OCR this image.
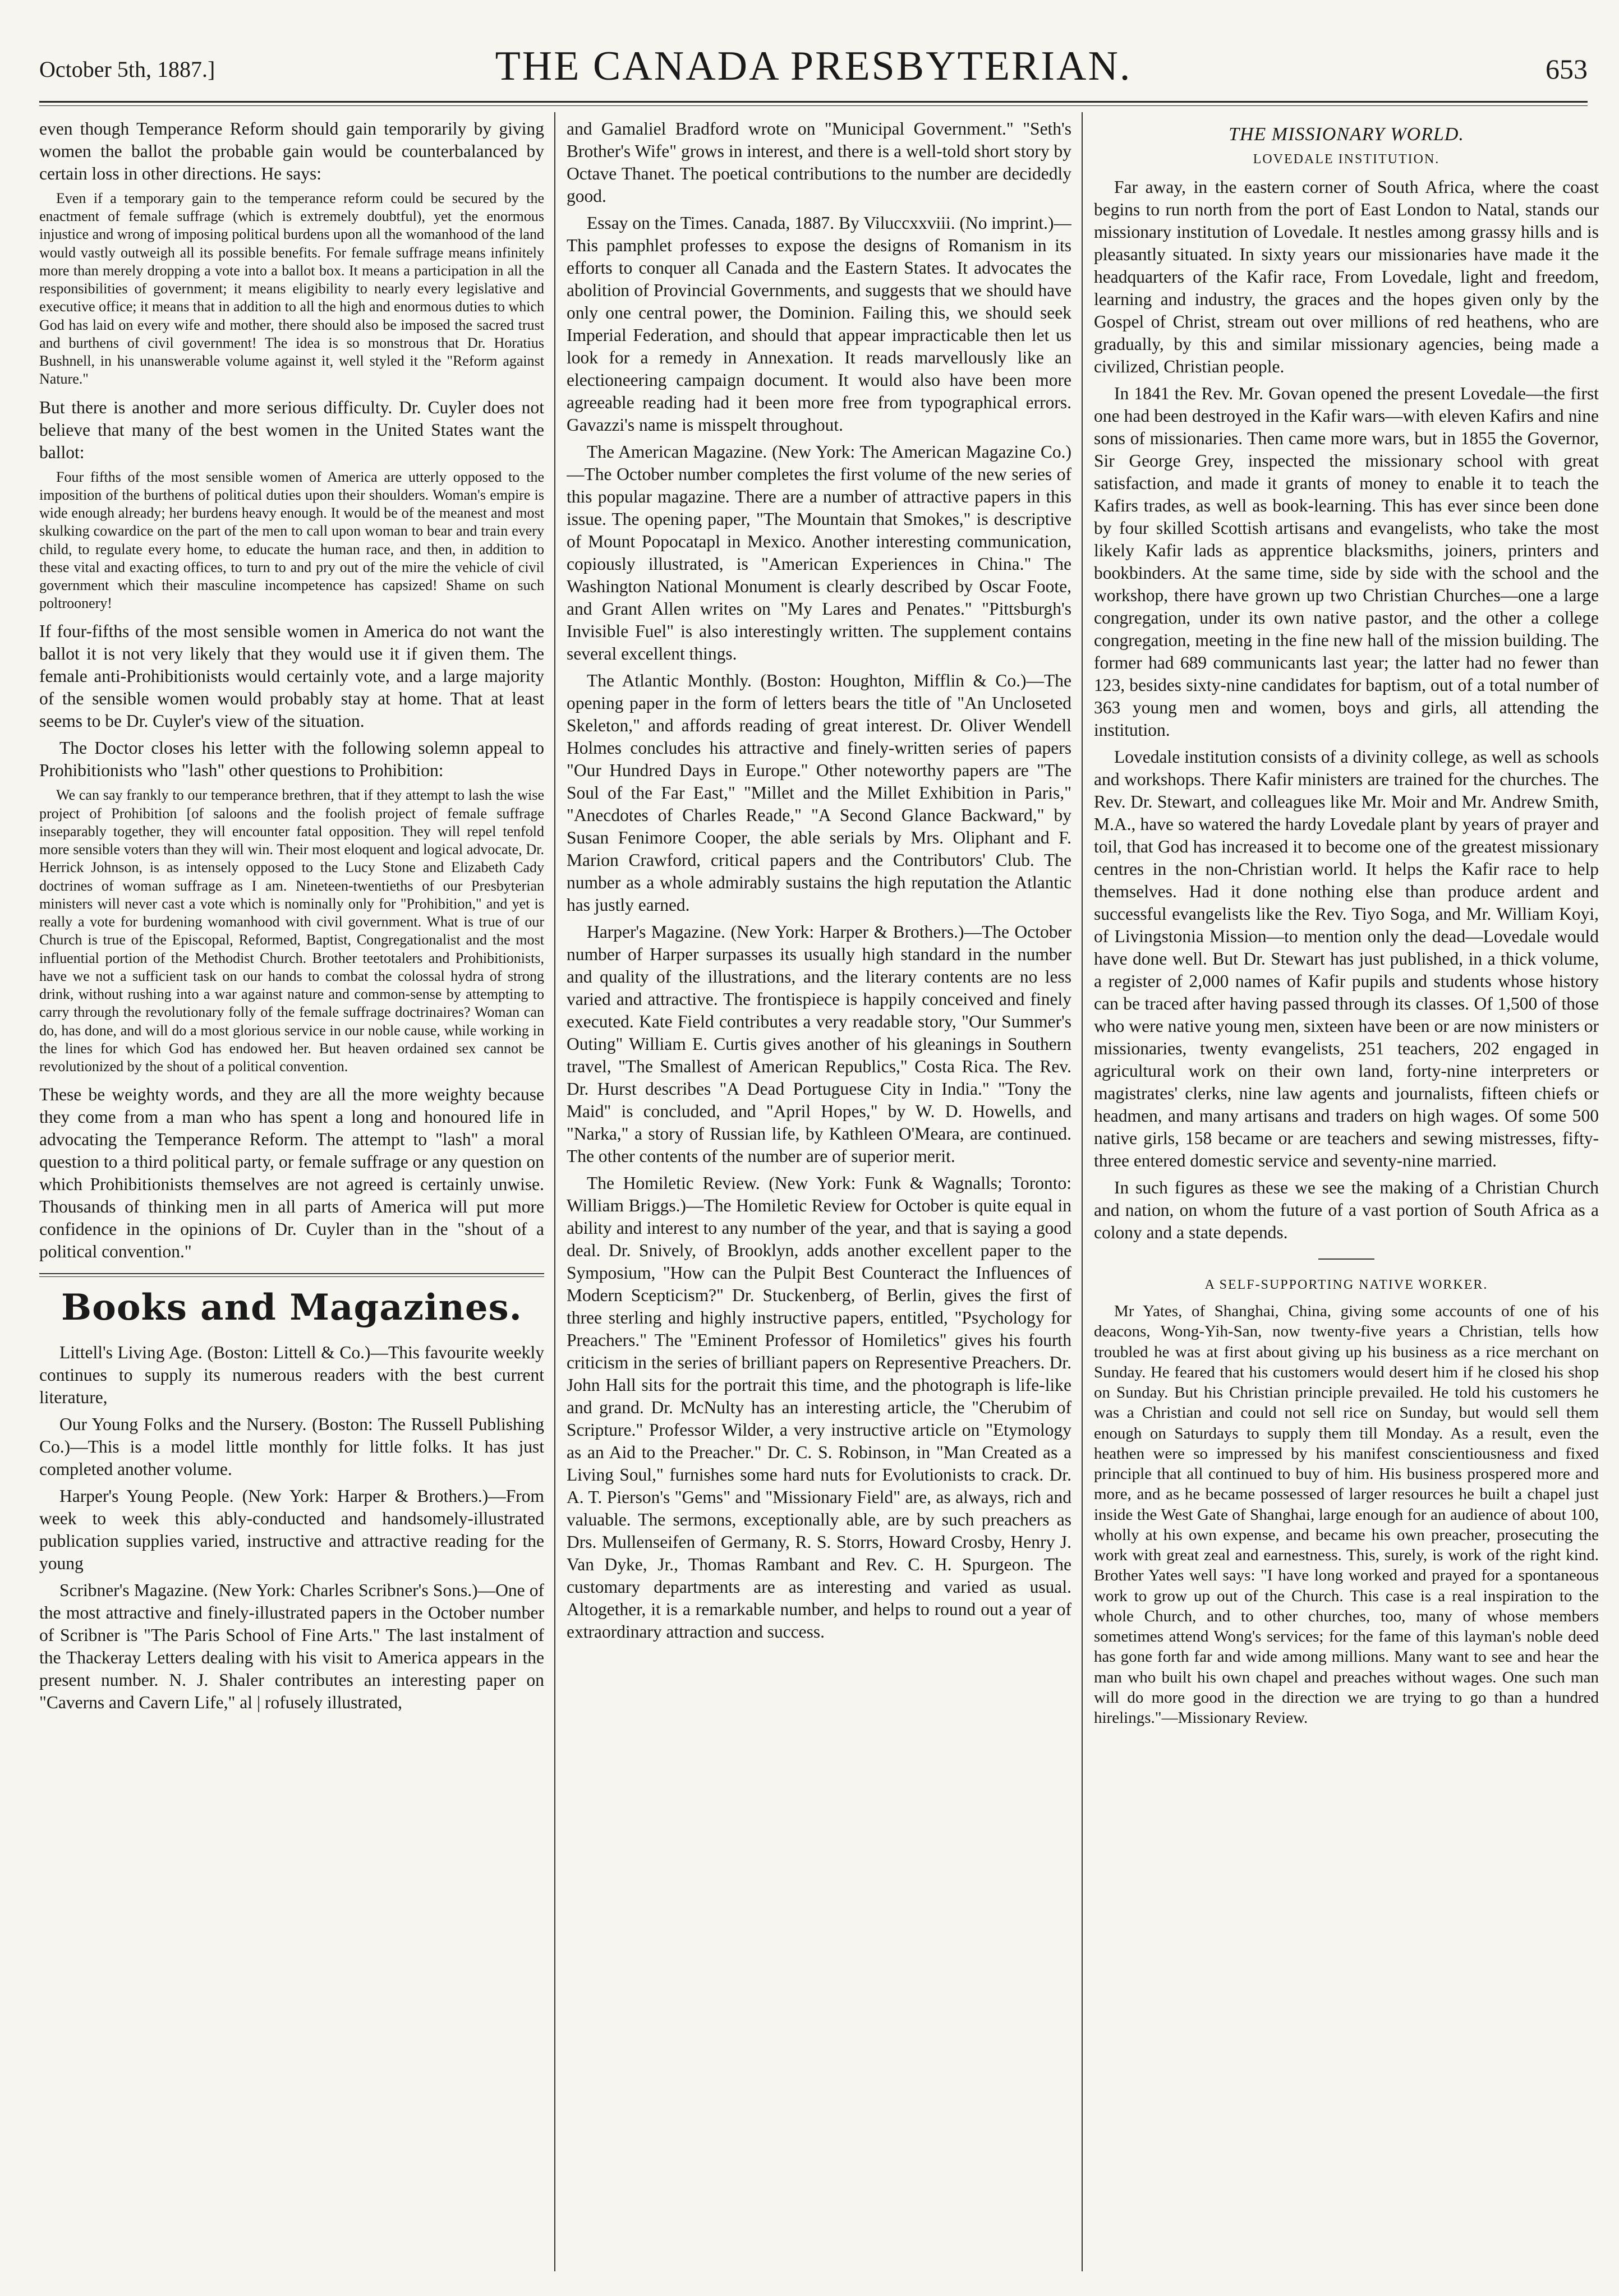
October 5th, 1887.]	THE CANADA PRESBYTERIAN.	653

even though Temperance Reform should gain temporarily by giving women the ballot the probable gain would be counterbalanced by certain loss in other directions. He says:

Even if a temporary gain to the temperance reform could be secured by the enactment of female suffrage (which is extremely doubtful), yet the enormous injustice and wrong of imposing political burdens upon all the womanhood of the land would vastly outweigh all its possible benefits. For female suffrage means infinitely more than merely dropping a vote into a ballot box. It means a participation in all the responsibilities of government; it means eligibility to nearly every legislative and executive office; it means that in addition to all the high and enormous duties to which God has laid on every wife and mother, there should also be imposed the sacred trust and burthens of civil government! The idea is so monstrous that Dr. Horatius Bushnell, in his unanswerable volume against it, well styled it the "Reform against Nature."

But there is another and more serious difficulty. Dr. Cuyler does not believe that many of the best women in the United States want the ballot:

Four fifths of the most sensible women of America are utterly opposed to the imposition of the burthens of political duties upon their shoulders. Woman's empire is wide enough already; her burdens heavy enough. It would be of the meanest and most skulking cowardice on the part of the men to call upon woman to bear and train every child, to regulate every home, to educate the human race, and then, in addition to these vital and exacting offices, to turn to and pry out of the mire the vehicle of civil government which their masculine incompetence has capsized! Shame on such poltroonery!

If four-fifths of the most sensible women in America do not want the ballot it is not very likely that they would use it if given them. The female anti-Prohibitionists would certainly vote, and a large majority of the sensible women would probably stay at home. That at least seems to be Dr. Cuyler's view of the situation.

The Doctor closes his letter with the following solemn appeal to Prohibitionists who "lash" other questions to Prohibition:

We can say frankly to our temperance brethren, that if they attempt to lash the wise project of Prohibition [of saloons and the foolish project of female suffrage inseparably together, they will encounter fatal opposition. They will repel tenfold more sensible voters than they will win. Their most eloquent and logical advocate, Dr. Herrick Johnson, is as intensely opposed to the Lucy Stone and Elizabeth Cady doctrines of woman suffrage as I am. Nineteen-twentieths of our Presbyterian ministers will never cast a vote which is nominally only for "Prohibition," and yet is really a vote for burdening womanhood with civil government. What is true of our Church is true of the Episcopal, Reformed, Baptist, Congregationalist and the most influential portion of the Methodist Church. Brother teetotalers and Prohibitionists, have we not a sufficient task on our hands to combat the colossal hydra of strong drink, without rushing into a war against nature and common-sense by attempting to carry through the revolutionary folly of the female suffrage doctrinaires? Woman can do, has done, and will do a most glorious service in our noble cause, while working in the lines for which God has endowed her. But heaven ordained sex cannot be revolutionized by the shout of a political convention.

These be weighty words, and they are all the more weighty because they come from a man who has spent a long and honoured life in advocating the Temperance Reform. The attempt to "lash" a moral question to a third political party, or female suffrage or any question on which Prohibitionists themselves are not agreed is certainly unwise. Thousands of thinking men in all parts of America will put more confidence in the opinions of Dr. Cuyler than in the "shout of a political convention."

Books and Magazines.

Littell's Living Age. (Boston: Littell & Co.)—This favourite weekly continues to supply its numerous readers with the best current literature,

Our Young Folks and the Nursery. (Boston: The Russell Publishing Co.)—This is a model little monthly for little folks. It has just completed another volume.

Harper's Young People. (New York: Harper & Brothers.)—From week to week this ably-conducted and handsomely-illustrated publication supplies varied, instructive and attractive reading for the young

Scribner's Magazine. (New York: Charles Scribner's Sons.)—One of the most attractive and finely-illustrated papers in the October number of Scribner is "The Paris School of Fine Arts." The last instalment of the Thackeray Letters dealing with his visit to America appears in the present number. N. J. Shaler contributes an interesting paper on "Caverns and Cavern Life," al | rofusely illustrated,

and Gamaliel Bradford wrote on "Municipal Government." "Seth's Brother's Wife" grows in interest, and there is a well-told short story by Octave Thanet. The poetical contributions to the number are decidedly good.

Essay on the Times. Canada, 1887. By Viluccxxviii. (No imprint.)—This pamphlet professes to expose the designs of Romanism in its efforts to conquer all Canada and the Eastern States. It advocates the abolition of Provincial Governments, and suggests that we should have only one central power, the Dominion. Failing this, we should seek Imperial Federation, and should that appear impracticable then let us look for a remedy in Annexation. It reads marvellously like an electioneering campaign document. It would also have been more agreeable reading had it been more free from typographical errors. Gavazzi's name is misspelt throughout.

The American Magazine. (New York: The American Magazine Co.)—The October number completes the first volume of the new series of this popular magazine. There are a number of attractive papers in this issue. The opening paper, "The Mountain that Smokes," is descriptive of Mount Popocatapl in Mexico. Another interesting communication, copiously illustrated, is "American Experiences in China." The Washington National Monument is clearly described by Oscar Foote, and Grant Allen writes on "My Lares and Penates." "Pittsburgh's Invisible Fuel" is also interestingly written. The supplement contains several excellent things.

The Atlantic Monthly. (Boston: Houghton, Mifflin & Co.)—The opening paper in the form of letters bears the title of "An Uncloseted Skeleton," and affords reading of great interest. Dr. Oliver Wendell Holmes concludes his attractive and finely-written series of papers "Our Hundred Days in Europe." Other noteworthy papers are "The Soul of the Far East," "Millet and the Millet Exhibition in Paris," "Anecdotes of Charles Reade," "A Second Glance Backward," by Susan Fenimore Cooper, the able serials by Mrs. Oliphant and F. Marion Crawford, critical papers and the Contributors' Club. The number as a whole admirably sustains the high reputation the Atlantic has justly earned.

Harper's Magazine. (New York: Harper & Brothers.)—The October number of Harper surpasses its usually high standard in the number and quality of the illustrations, and the literary contents are no less varied and attractive. The frontispiece is happily conceived and finely executed. Kate Field contributes a very readable story, "Our Summer's Outing" William E. Curtis gives another of his gleanings in Southern travel, "The Smallest of American Republics," Costa Rica. The Rev. Dr. Hurst describes "A Dead Portuguese City in India." "Tony the Maid" is concluded, and "April Hopes," by W. D. Howells, and "Narka," a story of Russian life, by Kathleen O'Meara, are continued. The other contents of the number are of superior merit.

The Homiletic Review. (New York: Funk & Wagnalls; Toronto: William Briggs.)—The Homiletic Review for October is quite equal in ability and interest to any number of the year, and that is saying a good deal. Dr. Snively, of Brooklyn, adds another excellent paper to the Symposium, "How can the Pulpit Best Counteract the Influences of Modern Scepticism?" Dr. Stuckenberg, of Berlin, gives the first of three sterling and highly instructive papers, entitled, "Psychology for Preachers." The "Eminent Professor of Homiletics" gives his fourth criticism in the series of brilliant papers on Representive Preachers. Dr. John Hall sits for the portrait this time, and the photograph is life-like and grand. Dr. McNulty has an interesting article, the "Cherubim of Scripture." Professor Wilder, a very instructive article on "Etymology as an Aid to the Preacher." Dr. C. S. Robinson, in "Man Created as a Living Soul," furnishes some hard nuts for Evolutionists to crack. Dr. A. T. Pierson's "Gems" and "Missionary Field" are, as always, rich and valuable. The sermons, exceptionally able, are by such preachers as Drs. Mullenseifen of Germany, R. S. Storrs, Howard Crosby, Henry J. Van Dyke, Jr., Thomas Rambant and Rev. C. H. Spurgeon. The customary departments are as interesting and varied as usual. Altogether, it is a remarkable number, and helps to round out a year of extraordinary attraction and success.

THE MISSIONARY WORLD.
LOVEDALE INSTITUTION.

Far away, in the eastern corner of South Africa, where the coast begins to run north from the port of East London to Natal, stands our missionary institution of Lovedale. It nestles among grassy hills and is pleasantly situated. In sixty years our missionaries have made it the headquarters of the Kafir race, From Lovedale, light and freedom, learning and industry, the graces and the hopes given only by the Gospel of Christ, stream out over millions of red heathens, who are gradually, by this and similar missionary agencies, being made a civilized, Christian people.

In 1841 the Rev. Mr. Govan opened the present Lovedale—the first one had been destroyed in the Kafir wars—with eleven Kafirs and nine sons of missionaries. Then came more wars, but in 1855 the Governor, Sir George Grey, inspected the missionary school with great satisfaction, and made it grants of money to enable it to teach the Kafirs trades, as well as book-learning. This has ever since been done by four skilled Scottish artisans and evangelists, who take the most likely Kafir lads as apprentice blacksmiths, joiners, printers and bookbinders. At the same time, side by side with the school and the workshop, there have grown up two Christian Churches—one a large congregation, under its own native pastor, and the other a college congregation, meeting in the fine new hall of the mission building. The former had 689 communicants last year; the latter had no fewer than 123, besides sixty-nine candidates for baptism, out of a total number of 363 young men and women, boys and girls, all attending the institution.

Lovedale institution consists of a divinity college, as well as schools and workshops. There Kafir ministers are trained for the churches. The Rev. Dr. Stewart, and colleagues like Mr. Moir and Mr. Andrew Smith, M.A., have so watered the hardy Lovedale plant by years of prayer and toil, that God has increased it to become one of the greatest missionary centres in the non-Christian world. It helps the Kafir race to help themselves. Had it done nothing else than produce ardent and successful evangelists like the Rev. Tiyo Soga, and Mr. William Koyi, of Livingstonia Mission—to mention only the dead—Lovedale would have done well. But Dr. Stewart has just published, in a thick volume, a register of 2,000 names of Kafir pupils and students whose history can be traced after having passed through its classes. Of 1,500 of those who were native young men, sixteen have been or are now ministers or missionaries, twenty evangelists, 251 teachers, 202 engaged in agricultural work on their own land, forty-nine interpreters or magistrates' clerks, nine law agents and journalists, fifteen chiefs or headmen, and many artisans and traders on high wages. Of some 500 native girls, 158 became or are teachers and sewing mistresses, fifty-three entered domestic service and seventy-nine married.

In such figures as these we see the making of a Christian Church and nation, on whom the future of a vast portion of South Africa as a colony and a state depends.

A SELF-SUPPORTING NATIVE WORKER.

Mr Yates, of Shanghai, China, giving some accounts of one of his deacons, Wong-Yih-San, now twenty-five years a Christian, tells how troubled he was at first about giving up his business as a rice merchant on Sunday. He feared that his customers would desert him if he closed his shop on Sunday. But his Christian principle prevailed. He told his customers he was a Christian and could not sell rice on Sunday, but would sell them enough on Saturdays to supply them till Monday. As a result, even the heathen were so impressed by his manifest conscientiousness and fixed principle that all continued to buy of him. His business prospered more and more, and as he became possessed of larger resources he built a chapel just inside the West Gate of Shanghai, large enough for an audience of about 100, wholly at his own expense, and became his own preacher, prosecuting the work with great zeal and earnestness. This, surely, is work of the right kind. Brother Yates well says: "I have long worked and prayed for a spontaneous work to grow up out of the Church. This case is a real inspiration to the whole Church, and to other churches, too, many of whose members sometimes attend Wong's services; for the fame of this layman's noble deed has gone forth far and wide among millions. Many want to see and hear the man who built his own chapel and preaches without wages. One such man will do more good in the direction we are trying to go than a hundred hirelings."—Missionary Review.
